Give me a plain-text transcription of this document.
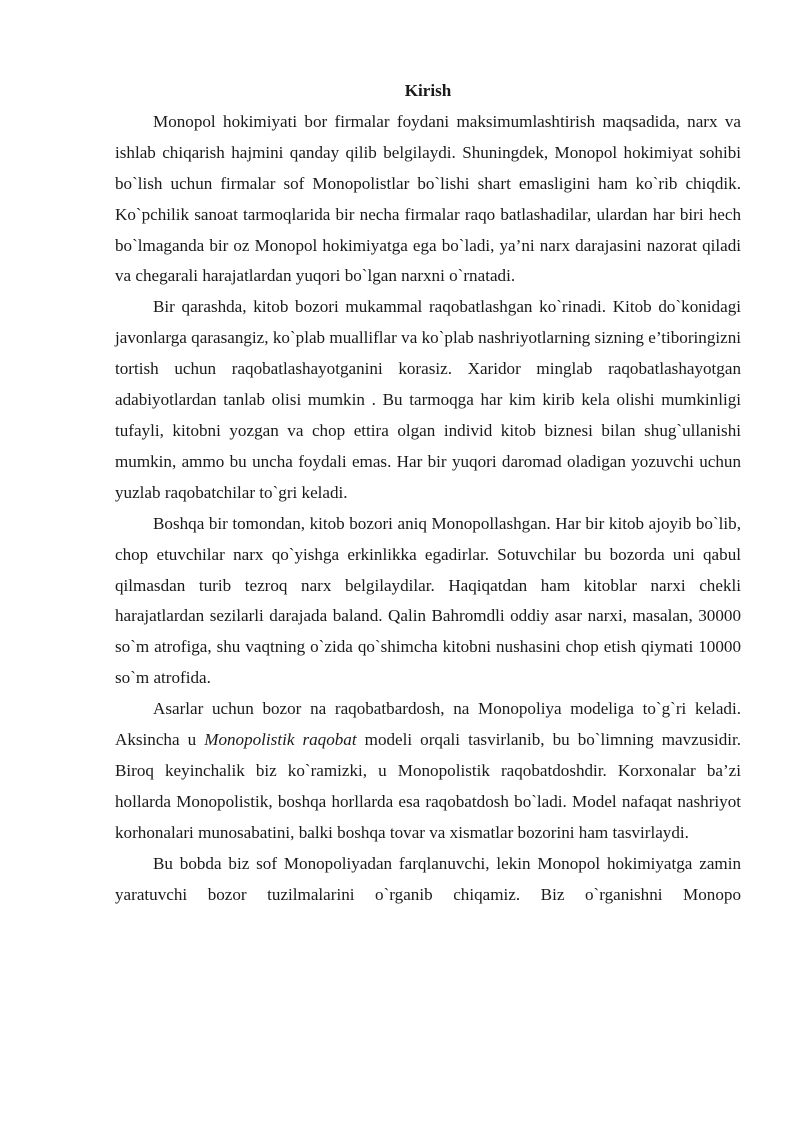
Kirish

Monopol hokimiyati bor firmalar foydani maksimumlashtirish maqsadida, narx va ishlab chiqarish hajmini qanday qilib belgilaydi. Shuningdek, Monopol hokimiyat sohibi bo`lish uchun firmalar sof Monopolistlar bo`lishi shart emasligini ham ko`rib chiqdik. Ko`pchilik sanoat tarmoqlarida bir necha firmalar raqo batlashadilar, ulardan har biri hech bo`lmaganda bir oz Monopol hokimiyatga ega bo`ladi, ya’ni narx darajasini nazorat qiladi va chegarali harajatlardan yuqori bo`lgan narxni o`rnatadi.

Bir qarashda, kitob bozori mukammal raqobatlashgan ko`rinadi. Kitob do`konidagi javonlarga qarasangiz, ko`plab mualliflar va ko`plab nashriyotlarning sizning e’tiboringizni tortish uchun raqobatlashayotganini korasiz. Xaridor minglab raqobatlashayotgan adabiyotlardan tanlab olisi mumkin . Bu tarmoqga har kim kirib kela olishi mumkinligi tufayli, kitobni yozgan va chop ettira olgan individ kitob biznesi bilan shug`ullanishi mumkin, ammo bu uncha foydali emas. Har bir yuqori daromad oladigan yozuvchi uchun yuzlab raqobatchilar to`gri keladi.

Boshqa bir tomondan, kitob bozori aniq Monopollashgan. Har bir kitob ajoyib bo`lib, chop etuvchilar narx qo`yishga erkinlikka egadirlar. Sotuvchilar bu bozorda uni qabul qilmasdan turib tezroq narx belgilaydilar. Haqiqatdan ham kitoblar narxi chekli harajatlardan sezilarli darajada baland. Qalin Bahromdli oddiy asar narxi, masalan, 30000 so`m atrofiga, shu vaqtning o`zida qo`shimcha kitobni nushasini chop etish qiymati 10000 so`m atrofida.

Asarlar uchun bozor na raqobatbardosh, na Monopoliya modeliga to`g`ri keladi. Aksincha u Monopolistik raqobat modeli orqali tasvirlanib, bu bo`limning mavzusidir. Biroq keyinchalik biz ko`ramizki, u Monopolistik raqobatdoshdir. Korxonalar ba’zi hollarda Monopolistik, boshqa horllarda esa raqobatdosh bo`ladi. Model nafaqat nashriyot korhonalari munosabatini, balki boshqa tovar va xismatlar bozorini ham tasvirlaydi.

Bu bobda biz sof Monopoliyadan farqlanuvchi, lekin Monopol hokimiyatga zamin yaratuvchi bozor tuzilmalarini o`rganib chiqamiz. Biz o`rganishni Monopo
